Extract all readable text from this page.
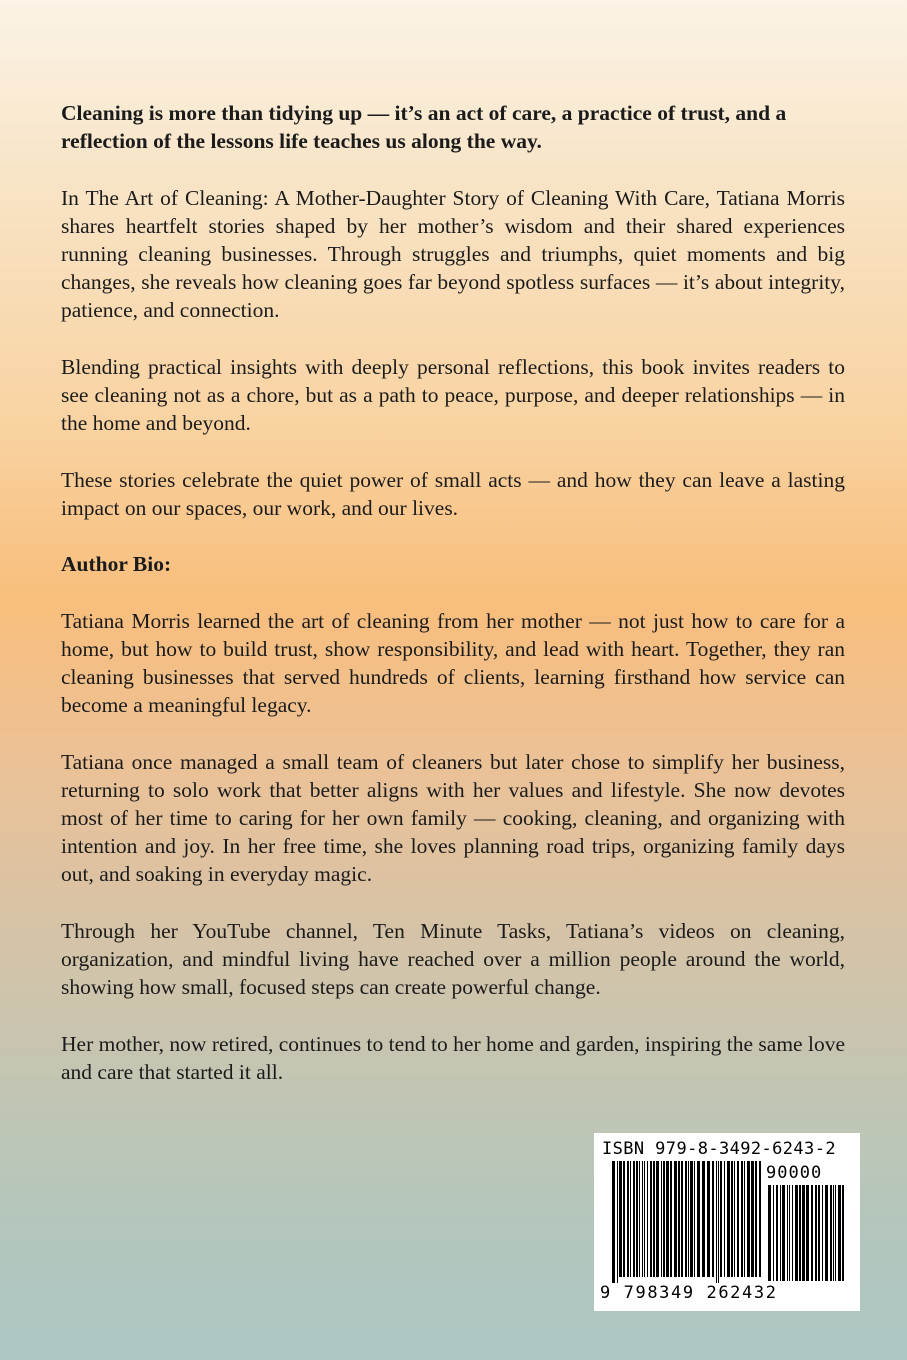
Cleaning is more than tidying up — it’s an act of care, a practice of trust, and a reflection of the lessons life teaches us along the way.

In The Art of Cleaning: A Mother-Daughter Story of Cleaning With Care, Tatiana Morris shares heartfelt stories shaped by her mother’s wisdom and their shared experiences running cleaning businesses. Through struggles and triumphs, quiet moments and big changes, she reveals how cleaning goes far beyond spotless surfaces — it’s about integrity, patience, and connection.

Blending practical insights with deeply personal reflections, this book invites readers to see cleaning not as a chore, but as a path to peace, purpose, and deeper relationships — in the home and beyond.

These stories celebrate the quiet power of small acts — and how they can leave a lasting impact on our spaces, our work, and our lives.

Author Bio:

Tatiana Morris learned the art of cleaning from her mother — not just how to care for a home, but how to build trust, show responsibility, and lead with heart. Together, they ran cleaning businesses that served hundreds of clients, learning firsthand how service can become a meaningful legacy.

Tatiana once managed a small team of cleaners but later chose to simplify her business, returning to solo work that better aligns with her values and lifestyle. She now devotes most of her time to caring for her own family — cooking, cleaning, and organizing with intention and joy. In her free time, she loves planning road trips, organizing family days out, and soaking in everyday magic.

Through her YouTube channel, Ten Minute Tasks, Tatiana’s videos on cleaning, organization, and mindful living have reached over a million people around the world, showing how small, focused steps can create powerful change.

Her mother, now retired, continues to tend to her home and garden, inspiring the same love and care that started it all.

ISBN 979-8-3492-6243-2
90000
9 798349 262432
